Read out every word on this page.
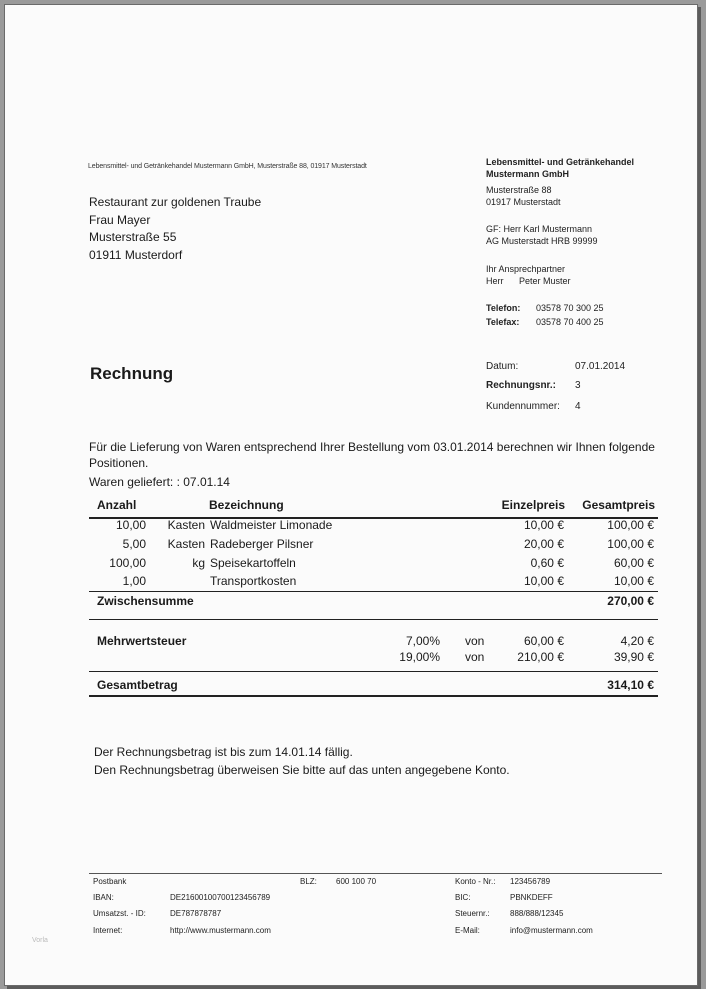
Lebensmittel- und Getränkehandel Mustermann GmbH, Musterstraße 88, 01917 Musterstadt
Restaurant zur goldenen Traube
Frau Mayer
Musterstraße 55
01911 Musterdorf
Lebensmittel- und Getränkehandel
Mustermann GmbH
Musterstraße 88
01917 Musterstadt
GF: Herr Karl Mustermann
AG Musterstadt HRB 99999
Ihr Ansprechpartner
Herr Peter Muster
Telefon: 03578 70 300 25
Telefax: 03578 70 400 25
Datum:	07.01.2014
Rechnungsnr.: 3
Kundennummer: 4
Rechnung
Für die Lieferung von Waren entsprechend Ihrer Bestellung vom 03.01.2014 berechnen wir Ihnen folgende Positionen.
Waren geliefert: : 07.01.14
Anzahl	Bezeichnung	Einzelpreis Gesamtpreis
10,00 Kasten Waldmeister Limonade	10,00 €	100,00 €
5,00 Kasten Radeberger Pilsner	20,00 €	100,00 €
100,00	kg Speisekartoffeln	0,60 €	60,00 €
1,00	Transportkosten	10,00 €	10,00 €
Zwischensumme	270,00 €
Mehrwertsteuer	7,00% von	60,00 €	4,20 €
19,00% von	210,00 €	39,90 €
Gesamtbetrag	314,10 €
Der Rechnungsbetrag ist bis zum 14.01.14 fällig.
Den Rechnungsbetrag überweisen Sie bitte auf das unten angegebene Konto.
Postbank	BLZ: 600 100 70	Konto - Nr.: 123456789
IBAN:	DE21600100700123456789	BIC:	PBNKDEFF
Umsatzst. - ID:	DE787878787	Steuernr.:	888/888/12345
Internet:	http://www.mustermann.com	E-Mail:	info@mustermann.com
Vorla
